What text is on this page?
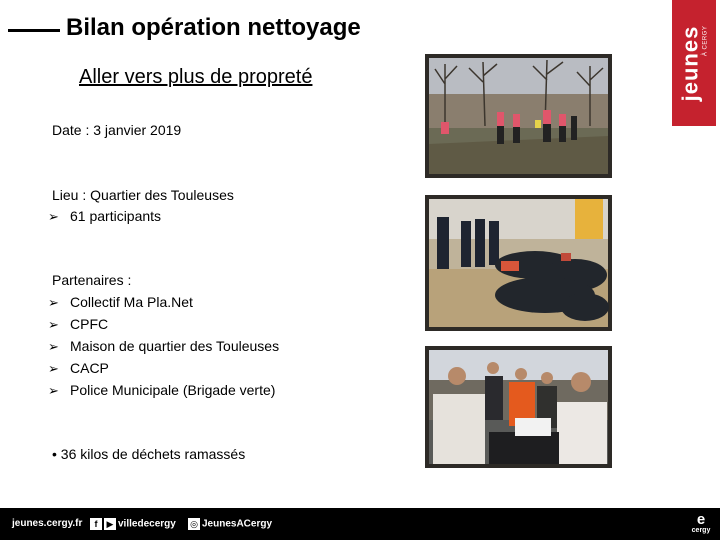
Bilan opération nettoyage	jeunes À CERGY
Aller vers plus de propreté
Date : 3 janvier 2019
Lieu : Quartier des Touleuses
➢ 61 participants
Partenaires :
➢ Collectif Ma Pla.Net
➢ CPFC
➢ Maison de quartier des Touleuses
➢ CACP
➢ Police Municipale (Brigade verte)
• 36 kilos de déchets ramassés
jeunes.cergy.fr	f ▶ villedecergy ◎ JeunesACergy	e
cergy
